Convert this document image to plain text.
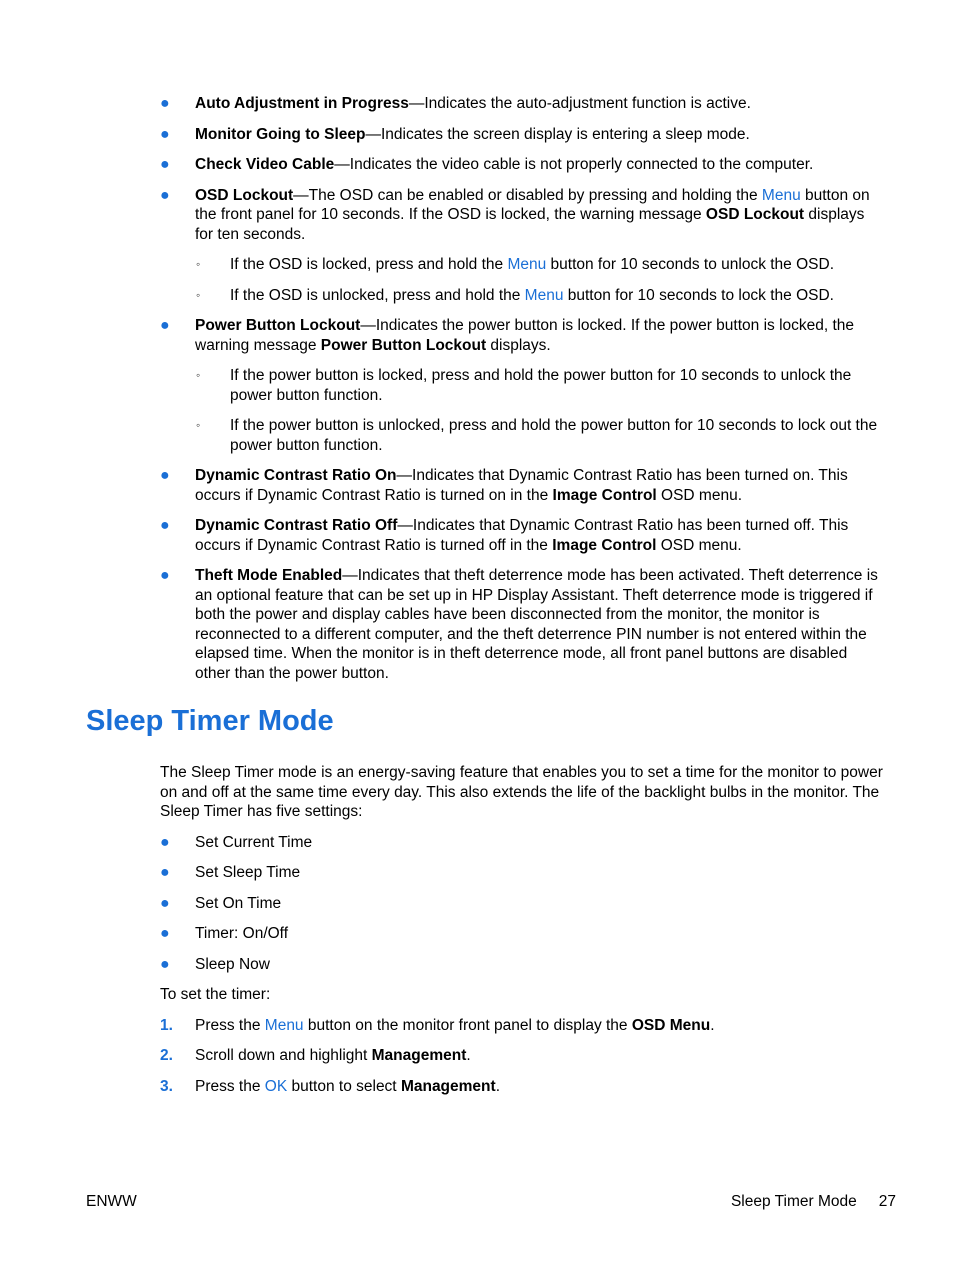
● Auto Adjustment in Progress—Indicates the auto-adjustment function is active.
● Monitor Going to Sleep—Indicates the screen display is entering a sleep mode.
● Check Video Cable—Indicates the video cable is not properly connected to the computer.
● OSD Lockout—The OSD can be enabled or disabled by pressing and holding the Menu button on the front panel for 10 seconds. If the OSD is locked, the warning message OSD Lockout displays for ten seconds.
◦ If the OSD is locked, press and hold the Menu button for 10 seconds to unlock the OSD.
◦ If the OSD is unlocked, press and hold the Menu button for 10 seconds to lock the OSD.
● Power Button Lockout—Indicates the power button is locked. If the power button is locked, the warning message Power Button Lockout displays.
◦ If the power button is locked, press and hold the power button for 10 seconds to unlock the power button function.
◦ If the power button is unlocked, press and hold the power button for 10 seconds to lock out the power button function.
● Dynamic Contrast Ratio On—Indicates that Dynamic Contrast Ratio has been turned on. This occurs if Dynamic Contrast Ratio is turned on in the Image Control OSD menu.
● Dynamic Contrast Ratio Off—Indicates that Dynamic Contrast Ratio has been turned off. This occurs if Dynamic Contrast Ratio is turned off in the Image Control OSD menu.
● Theft Mode Enabled—Indicates that theft deterrence mode has been activated. Theft deterrence is an optional feature that can be set up in HP Display Assistant. Theft deterrence mode is triggered if both the power and display cables have been disconnected from the monitor, the monitor is reconnected to a different computer, and the theft deterrence PIN number is not entered within the elapsed time. When the monitor is in theft deterrence mode, all front panel buttons are disabled other than the power button.
Sleep Timer Mode
The Sleep Timer mode is an energy-saving feature that enables you to set a time for the monitor to power on and off at the same time every day. This also extends the life of the backlight bulbs in the monitor. The Sleep Timer has five settings:
● Set Current Time
● Set Sleep Time
● Set On Time
● Timer: On/Off
● Sleep Now
To set the timer:
1. Press the Menu button on the monitor front panel to display the OSD Menu.
2. Scroll down and highlight Management.
3. Press the OK button to select Management.
ENWW	Sleep Timer Mode 27
